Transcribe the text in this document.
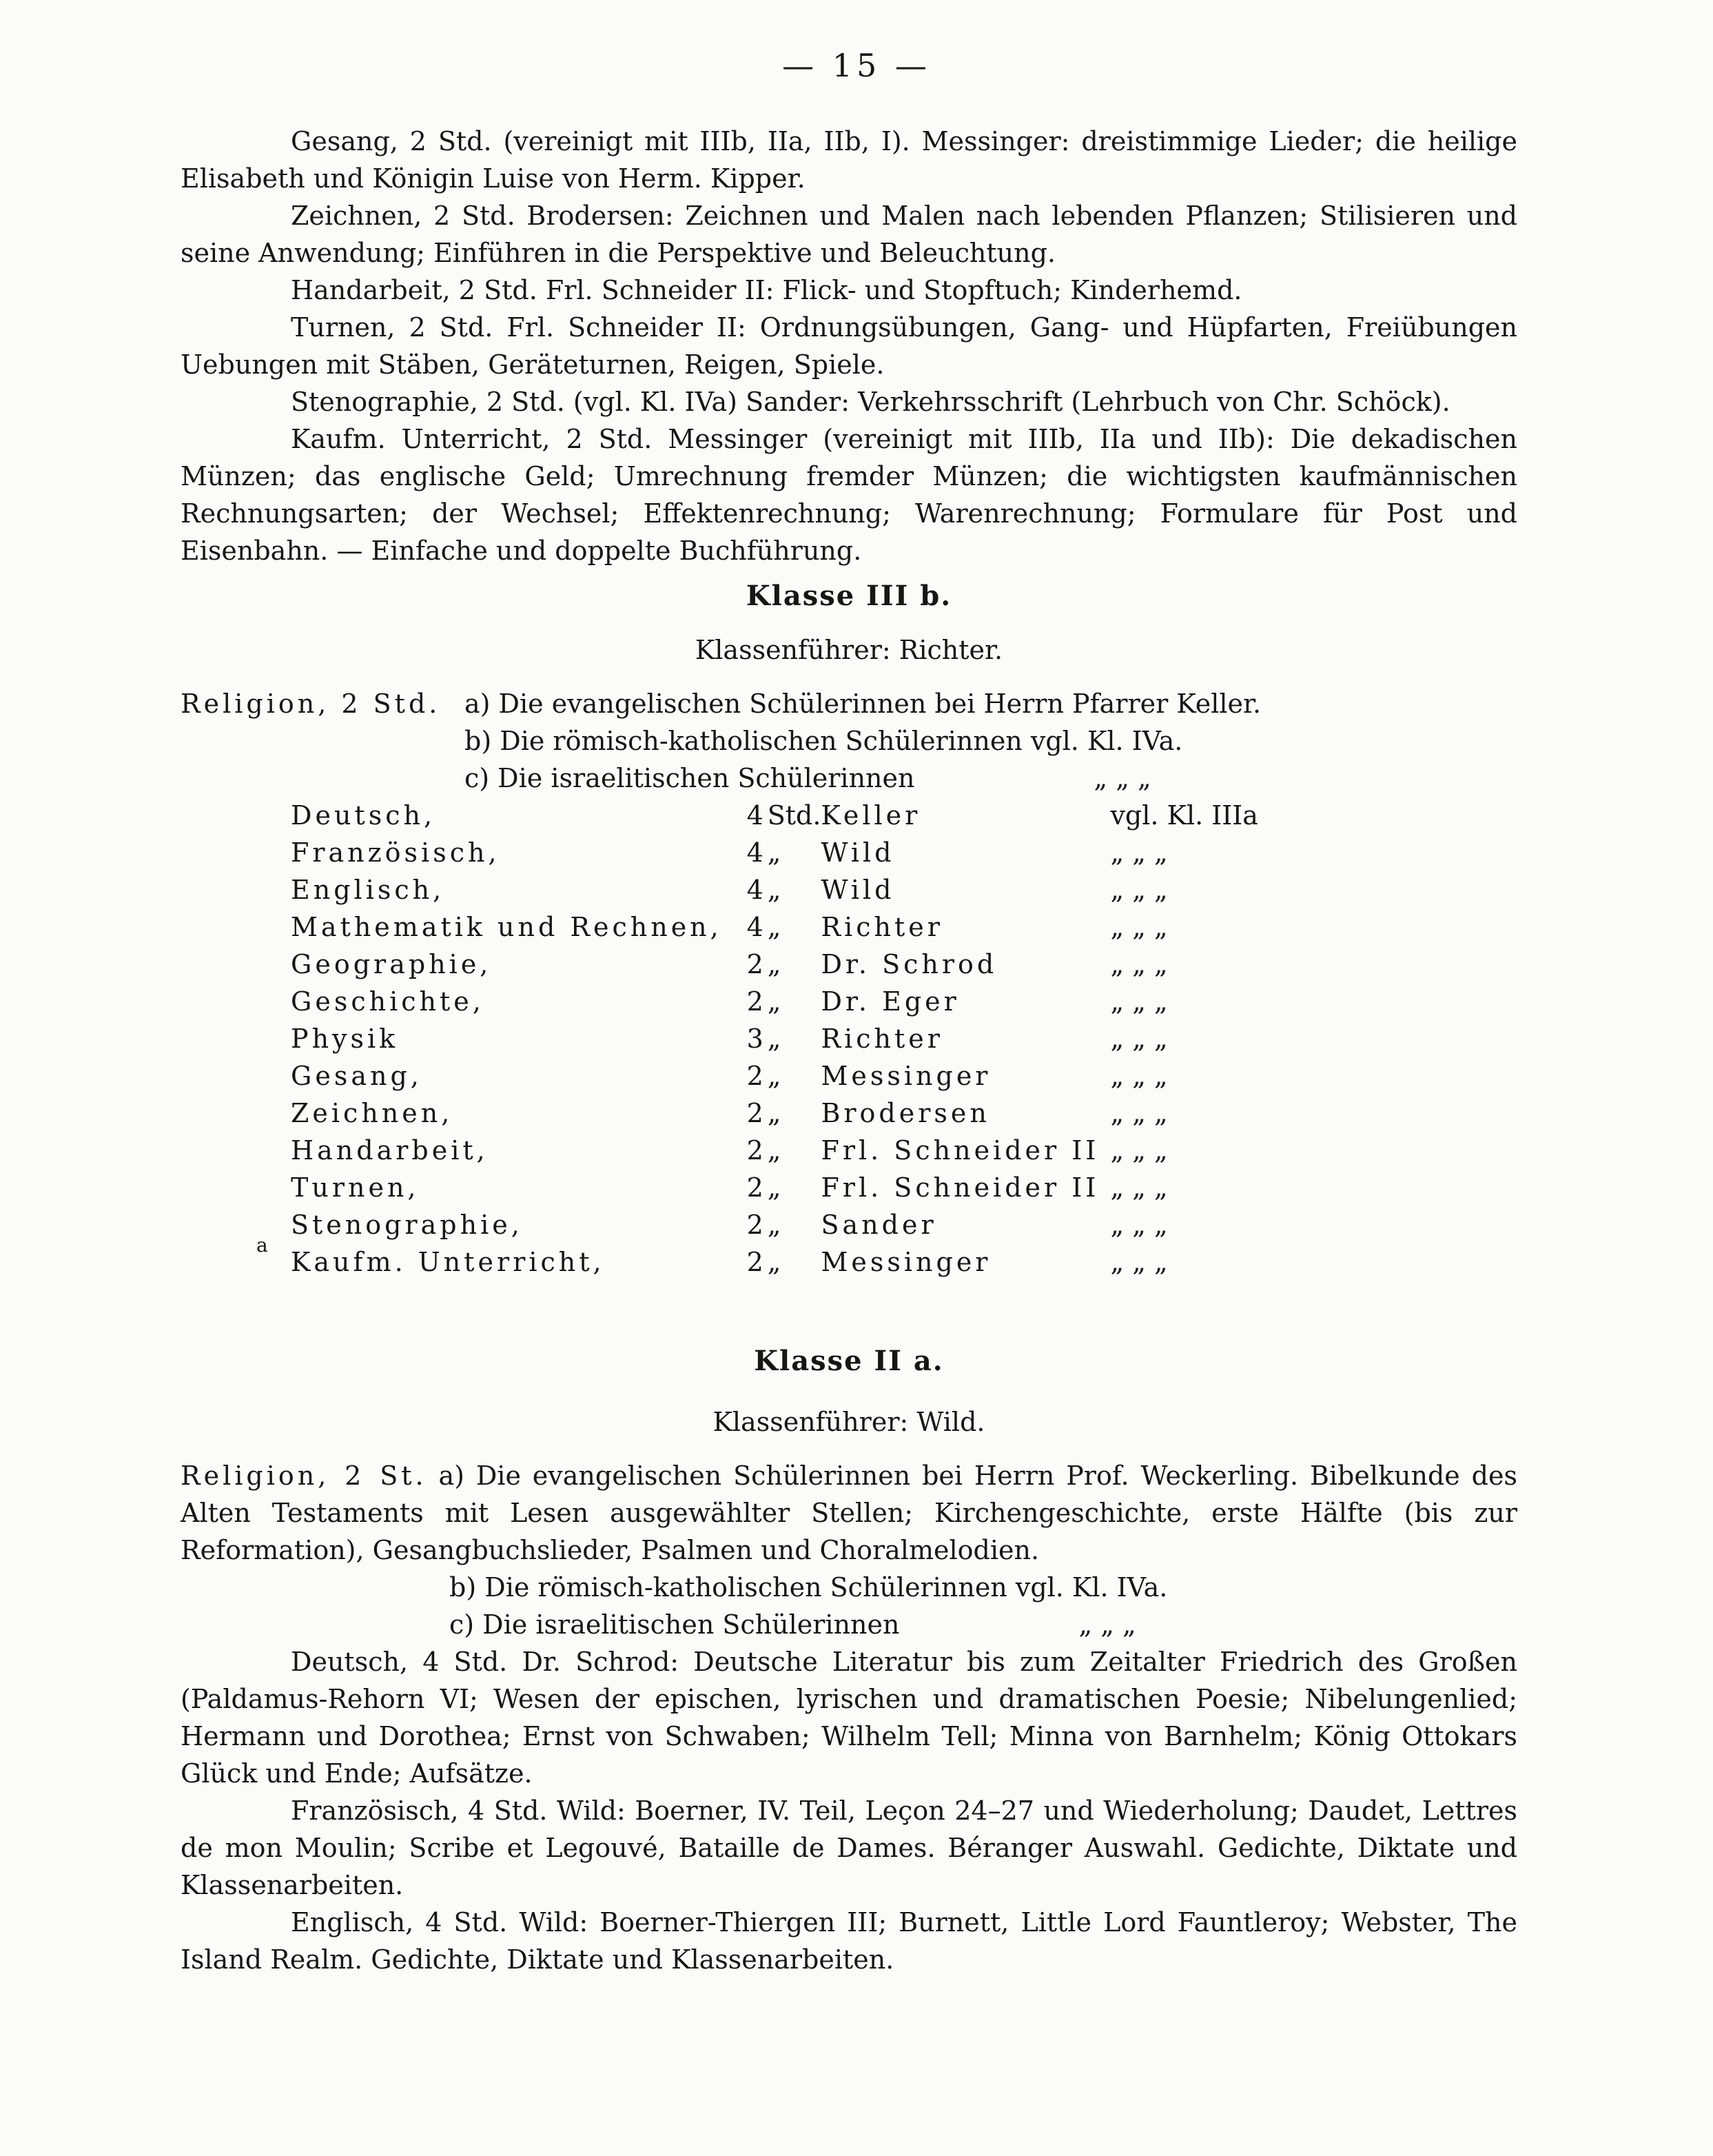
— 15 —

Gesang, 2 Std. (vereinigt mit IIIb, IIa, IIb, I). Messinger: dreistimmige Lieder; die heilige Elisabeth und Königin Luise von Herm. Kipper.

Zeichnen, 2 Std. Brodersen: Zeichnen und Malen nach lebenden Pflanzen; Stilisieren und seine Anwendung; Einführen in die Perspektive und Beleuchtung.

Handarbeit, 2 Std. Frl. Schneider II: Flick- und Stopftuch; Kinderhemd.

Turnen, 2 Std. Frl. Schneider II: Ordnungsübungen, Gang- und Hüpfarten, Freiübungen Uebungen mit Stäben, Geräteturnen, Reigen, Spiele.

Stenographie, 2 Std. (vgl. Kl. IVa) Sander: Verkehrsschrift (Lehrbuch von Chr. Schöck).

Kaufm. Unterricht, 2 Std. Messinger (vereinigt mit IIIb, IIa und IIb): Die dekadischen Münzen; das englische Geld; Umrechnung fremder Münzen; die wichtigsten kaufmännischen Rechnungsarten; der Wechsel; Effektenrechnung; Warenrechnung; Formulare für Post und Eisenbahn. — Einfache und doppelte Buchführung.

Klasse III b.

Klassenführer: Richter.

Religion, 2 Std. a) Die evangelischen Schülerinnen bei Herrn Pfarrer Keller.
b) Die römisch-katholischen Schülerinnen vgl. Kl. IVa.
c) Die israelitischen Schülerinnen	„ „ „
Deutsch,	4	Std.	Keller	vgl. Kl. IIIa
Französisch,	4	„	Wild	„ „ „
Englisch,	4	„	Wild	„ „ „
Mathematik und Rechnen,	4	„	Richter	„ „ „
Geographie,	2	„	Dr. Schrod	„ „ „
Geschichte,	2	„	Dr. Eger	„ „ „
Physik	3	„	Richter	„ „ „
Gesang,	2	„	Messinger	„ „ „
Zeichnen,	2	„	Brodersen	„ „ „
Handarbeit,	2	„	Frl. Schneider II	„ „ „
Turnen,	2	„	Frl. Schneider II	„ „ „
Stenographie,	2	„	Sander	„ „ „
Kaufm. Unterricht,	2	„	Messinger	„ „ „
a

Klasse II a.

Klassenführer: Wild.

Religion, 2 St. a) Die evangelischen Schülerinnen bei Herrn Prof. Weckerling. Bibelkunde des Alten Testaments mit Lesen ausgewählter Stellen; Kirchengeschichte, erste Hälfte (bis zur Reformation), Gesangbuchslieder, Psalmen und Choralmelodien.

b) Die römisch-katholischen Schülerinnen vgl. Kl. IVa.
c) Die israelitischen Schülerinnen	„ „ „

Deutsch, 4 Std. Dr. Schrod: Deutsche Literatur bis zum Zeitalter Friedrich des Großen (Paldamus-Rehorn VI; Wesen der epischen, lyrischen und dramatischen Poesie; Nibelungenlied; Hermann und Dorothea; Ernst von Schwaben; Wilhelm Tell; Minna von Barnhelm; König Ottokars Glück und Ende; Aufsätze.

Französisch, 4 Std. Wild: Boerner, IV. Teil, Leçon 24–27 und Wiederholung; Daudet, Lettres de mon Moulin; Scribe et Legouvé, Bataille de Dames. Béranger Auswahl. Gedichte, Diktate und Klassenarbeiten.

Englisch, 4 Std. Wild: Boerner-Thiergen III; Burnett, Little Lord Fauntleroy; Webster, The Island Realm. Gedichte, Diktate und Klassenarbeiten.
